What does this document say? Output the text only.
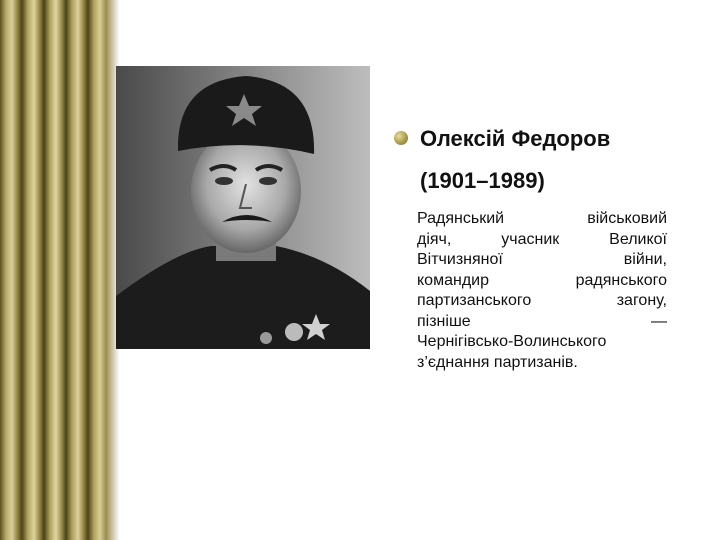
Олексій Федоров
(1901–1989)
Радянський військовий
діяч, учасник Великої
Вітчизняної війни,
командир радянського
партизанського загону,
пізніше —
Чернігівсько-Волинського
з’єднання партизанів.
